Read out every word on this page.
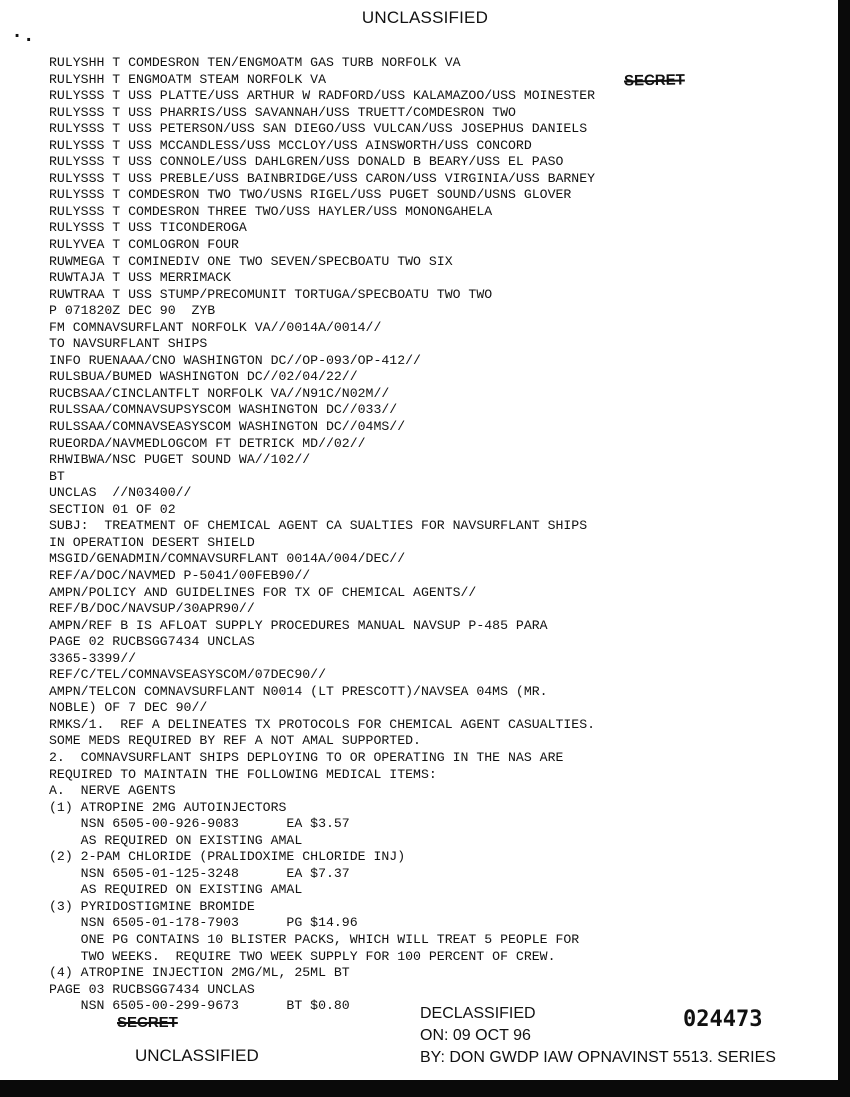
UNCLASSIFIED
· .
RULYSHH T COMDESRON TEN/ENGMOATM GAS TURB NORFOLK VA
RULYSHH T ENGMOATM STEAM NORFOLK VA
RULYSSS T USS PLATTE/USS ARTHUR W RADFORD/USS KALAMAZOO/USS MOINESTER
RULYSSS T USS PHARRIS/USS SAVANNAH/USS TRUETT/COMDESRON TWO
RULYSSS T USS PETERSON/USS SAN DIEGO/USS VULCAN/USS JOSEPHUS DANIELS
RULYSSS T USS MCCANDLESS/USS MCCLOY/USS AINSWORTH/USS CONCORD
RULYSSS T USS CONNOLE/USS DAHLGREN/USS DONALD B BEARY/USS EL PASO
RULYSSS T USS PREBLE/USS BAINBRIDGE/USS CARON/USS VIRGINIA/USS BARNEY
RULYSSS T COMDESRON TWO TWO/USNS RIGEL/USS PUGET SOUND/USNS GLOVER
RULYSSS T COMDESRON THREE TWO/USS HAYLER/USS MONONGAHELA
RULYSSS T USS TICONDEROGA
RULYVEA T COMLOGRON FOUR
RUWMEGA T COMINEDIV ONE TWO SEVEN/SPECBOATU TWO SIX
RUWTAJA T USS MERRIMACK
RUWTRAA T USS STUMP/PRECOMUNIT TORTUGA/SPECBOATU TWO TWO
P 071820Z DEC 90  ZYB
FM COMNAVSURFLANT NORFOLK VA//0014A/0014//
TO NAVSURFLANT SHIPS
INFO RUENAAA/CNO WASHINGTON DC//OP-093/OP-412//
RULSBUA/BUMED WASHINGTON DC//02/04/22//
RUCBSAA/CINCLANTFLT NORFOLK VA//N91C/N02M//
RULSSAA/COMNAVSUPSYSCOM WASHINGTON DC//033//
RULSSAA/COMNAVSEASYSCOM WASHINGTON DC//04MS//
RUEORDA/NAVMEDLOGCOM FT DETRICK MD//02//
RHWIBWA/NSC PUGET SOUND WA//102//
BT
UNCLAS  //N03400//
SECTION 01 OF 02
SUBJ:  TREATMENT OF CHEMICAL AGENT CA SUALTIES FOR NAVSURFLANT SHIPS
IN OPERATION DESERT SHIELD
MSGID/GENADMIN/COMNAVSURFLANT 0014A/004/DEC//
REF/A/DOC/NAVMED P-5041/00FEB90//
AMPN/POLICY AND GUIDELINES FOR TX OF CHEMICAL AGENTS//
REF/B/DOC/NAVSUP/30APR90//
AMPN/REF B IS AFLOAT SUPPLY PROCEDURES MANUAL NAVSUP P-485 PARA
PAGE 02 RUCBSGG7434 UNCLAS
3365-3399//
REF/C/TEL/COMNAVSEASYSCOM/07DEC90//
AMPN/TELCON COMNAVSURFLANT N0014 (LT PRESCOTT)/NAVSEA 04MS (MR.
NOBLE) OF 7 DEC 90//
RMKS/1.  REF A DELINEATES TX PROTOCOLS FOR CHEMICAL AGENT CASUALTIES.
SOME MEDS REQUIRED BY REF A NOT AMAL SUPPORTED.
2.  COMNAVSURFLANT SHIPS DEPLOYING TO OR OPERATING IN THE NAS ARE
REQUIRED TO MAINTAIN THE FOLLOWING MEDICAL ITEMS:
A.  NERVE AGENTS
(1) ATROPINE 2MG AUTOINJECTORS
NSN 6505-00-926-9083      EA $3.57
AS REQUIRED ON EXISTING AMAL
(2) 2-PAM CHLORIDE (PRALIDOXIME CHLORIDE INJ)
NSN 6505-01-125-3248      EA $7.37
AS REQUIRED ON EXISTING AMAL
(3) PYRIDOSTIGMINE BROMIDE
NSN 6505-01-178-7903      PG $14.96
ONE PG CONTAINS 10 BLISTER PACKS, WHICH WILL TREAT 5 PEOPLE FOR
TWO WEEKS.  REQUIRE TWO WEEK SUPPLY FOR 100 PERCENT OF CREW.
(4) ATROPINE INJECTION 2MG/ML, 25ML BT
PAGE 03 RUCBSGG7434 UNCLAS
NSN 6505-00-299-9673      BT $0.80
SECRET
SECRET
DECLASSIFIED
ON: 09 OCT 96
BY: DON GWDP IAW OPNAVINST 5513. SERIES
024473
UNCLASSIFIED
